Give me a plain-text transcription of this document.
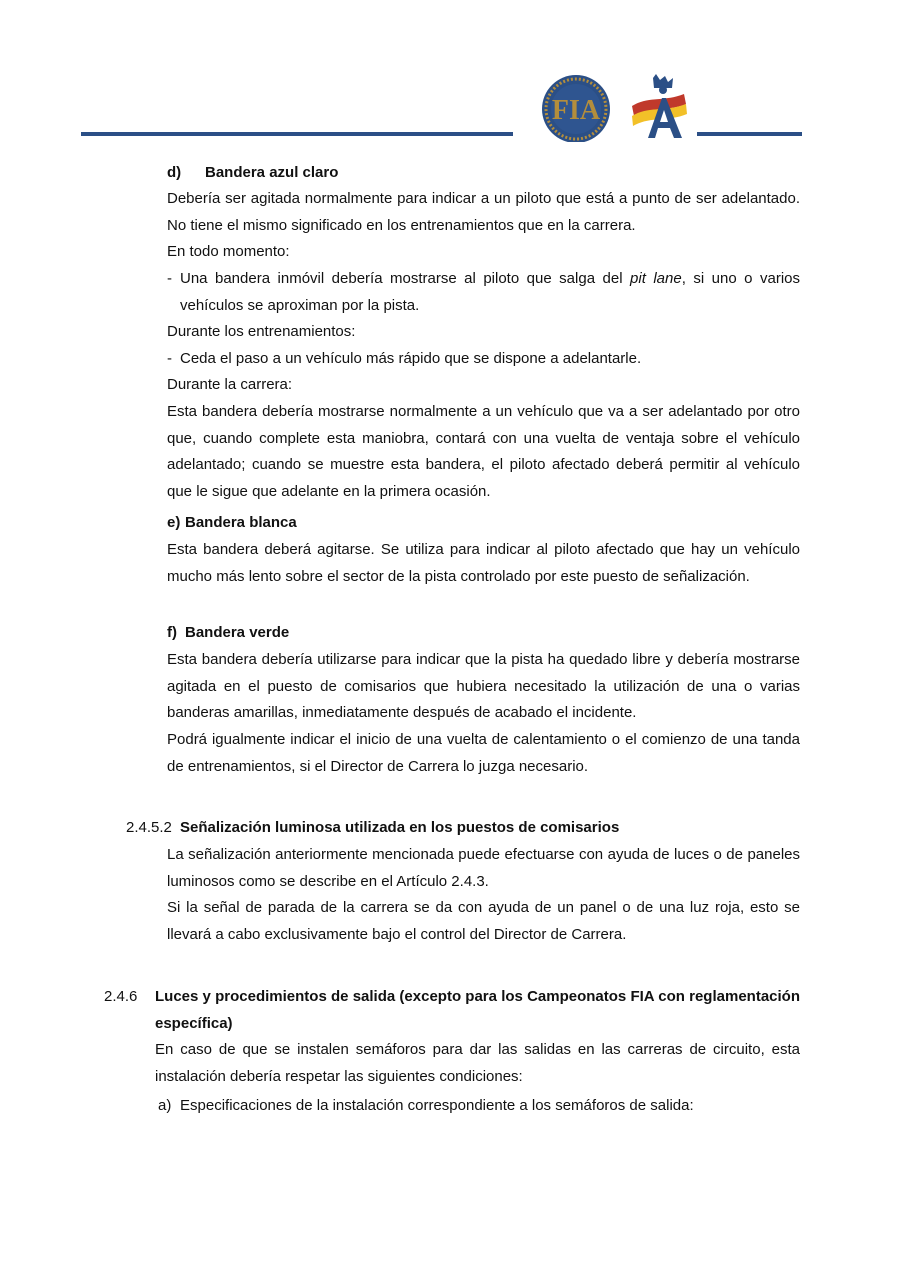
FIA
d) Bandera azul claro

Debería ser agitada normalmente para indicar a un piloto que está a punto de ser adelantado. No tiene el mismo significado en los entrenamientos que en la carrera.

En todo momento:

- Una bandera inmóvil debería mostrarse al piloto que salga del pit lane, si uno o varios vehículos se aproximan por la pista.

Durante los entrenamientos:

- Ceda el paso a un vehículo más rápido que se dispone a adelantarle.

Durante la carrera:

Esta bandera debería mostrarse normalmente a un vehículo que va a ser adelantado por otro que, cuando complete esta maniobra, contará con una vuelta de ventaja sobre el vehículo adelantado; cuando se muestre esta bandera, el piloto afectado deberá permitir al vehículo que le sigue que adelante en la primera ocasión.

e) Bandera blanca

Esta bandera deberá agitarse. Se utiliza para indicar al piloto afectado que hay un vehículo mucho más lento sobre el sector de la pista controlado por este puesto de señalización.

f) Bandera verde

Esta bandera debería utilizarse para indicar que la pista ha quedado libre y debería mostrarse agitada en el puesto de comisarios que hubiera necesitado la utilización de una o varias banderas amarillas, inmediatamente después de acabado el incidente.

Podrá igualmente indicar el inicio de una vuelta de calentamiento o el comienzo de una tanda de entrenamientos, si el Director de Carrera lo juzga necesario.

2.4.5.2 Señalización luminosa utilizada en los puestos de comisarios

La señalización anteriormente mencionada puede efectuarse con ayuda de luces o de paneles luminosos como se describe en el Artículo 2.4.3.

Si la señal de parada de la carrera se da con ayuda de un panel o de una luz roja, esto se llevará a cabo exclusivamente bajo el control del Director de Carrera.

2.4.6 Luces y procedimientos de salida (excepto para los Campeonatos FIA con reglamentación específica)

En caso de que se instalen semáforos para dar las salidas en las carreras de circuito, esta instalación debería respetar las siguientes condiciones:

a) Especificaciones de la instalación correspondiente a los semáforos de salida:
